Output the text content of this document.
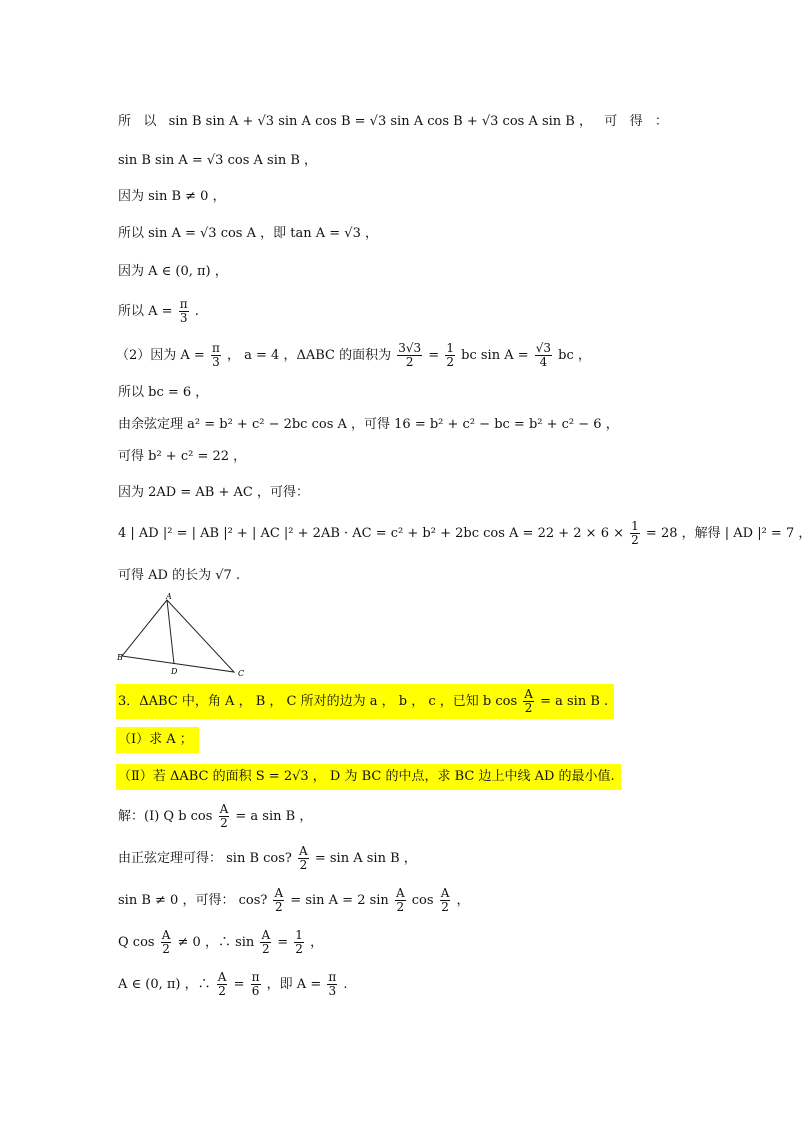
所 以 sin B sin A + √3 sin A cos B = √3 sin A cos B + √3 cos A sin B ， 可 得 ：
sin B sin A = √3 cos A sin B ，
因为 sin B ≠ 0 ，
所以 sin A = √3 cos A ，即 tan A = √3 ，
因为 A ∈ (0, π) ，
所以 $A = \frac{\pi}{3}$ .
（2）因为 $A = \frac{\pi}{3}$ ， a = 4 ，ΔABC 的面积为 $\frac{3√3}{2} = \frac{1}{2}$ bc $\sin A = \frac{√3}{4}$ bc ，
所以 bc = 6 ，
由余弦定理 a² = b² + c² − 2bc cos A ，可得 16 = b² + c² − bc = b² + c² − 6 ，
可得 b² + c² = 22 ，
因为 2AD = AB + AC ，可得：
4 | AD |² = | AB |² + | AC |² + 2AB · AC = c² + b² + 2bc $\cos A = 22 + 2 \times 6 \times \frac{1}{2} = 28$ ，解得 | AD |² = 7 ，
可得 AD 的长为 √7 .
A
B
C
D
3．ΔABC 中，角 A ， B ， C 所对的边为 a ， b ， c ，已知 b $\cos \frac{A}{2} = a$ sin B .
（Ⅰ）求 A ；
（Ⅱ）若 ΔABC 的面积 S = 2√3 ， D 为 BC 的中点，求 BC 边上中线 AD 的最小值.
解：(Ⅰ) Q b $\cos \frac{A}{2} = a$ sin B ，
由正弦定理可得： sin B cos? $\frac{A}{2} = \sin A$ sin B ，
sin B ≠ 0 ，可得： cos? $\frac{A}{2} = \sin A = 2$ $\sin \frac{A}{2}$ $\cos \frac{A}{2}$ ，
Q $\cos \frac{A}{2} \ne 0$ ，∴ $\sin \frac{A}{2} = \frac{1}{2}$ ，
A ∈ (0, π) ，∴ $\frac{A}{2} = \frac{\pi}{6}$ ，即 $A = \frac{\pi}{3}$ .
